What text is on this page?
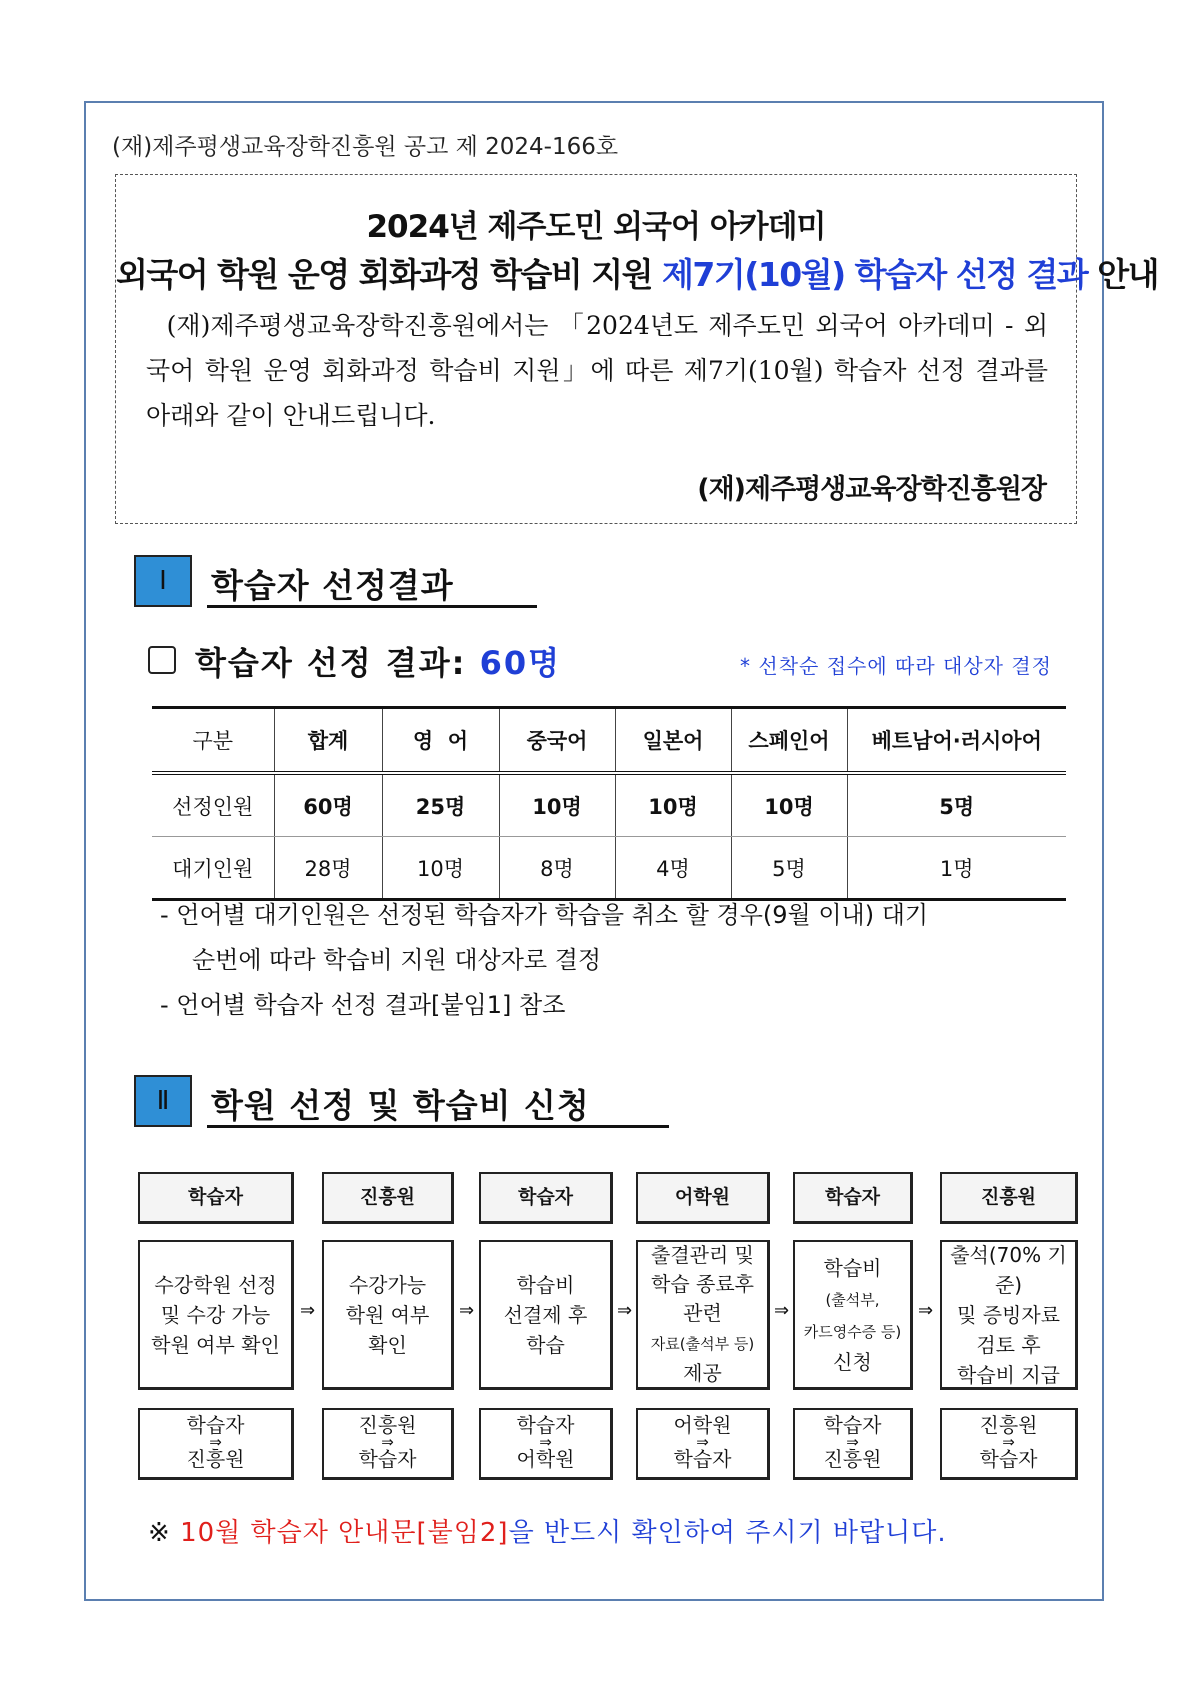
(재)제주평생교육장학진흥원 공고 제 2024-166호
2024년 제주도민 외국어 아카데미
외국어 학원 운영 회화과정 학습비 지원 제7기(10월) 학습자 선정 결과 안내
(재)제주평생교육장학진흥원에서는 「2024년도 제주도민 외국어 아카데미 - 외국어 학원 운영 회화과정 학습비 지원」에 따른 제7기(10월) 학습자 선정 결과를 아래와 같이 안내드립니다.
(재)제주평생교육장학진흥원장
Ⅰ	학습자 선정결과
학습자 선정 결과: 60명	* 선착순 접수에 따라 대상자 결정
구분	합계	영  어	중국어	일본어	스페인어	베트남어·러시아어
선정인원	60명	25명	10명	10명	10명	5명
대기인원	28명	10명	8명	4명	5명	1명
- 언어별 대기인원은 선정된 학습자가 학습을 취소 할 경우(9월 이내) 대기
순번에 따라 학습비 지원 대상자로 결정
- 언어별 학습자 선정 결과[붙임1] 참조
Ⅱ	학원 선정 및 학습비 신청
학습자
수강학원 선정
및 수강 가능
학원 여부 확인
학습자
⇒
진흥원
⇒
진흥원
수강가능
학원 여부
확인
진흥원
⇒
학습자
⇒
학습자
학습비
선결제 후
학습
학습자
⇒
어학원
⇒
어학원
출결관리 및
학습 종료후
관련
자료(출석부 등)
제공
어학원
⇒
학습자
⇒
학습자
학습비
(출석부,
카드영수증 등)
신청
학습자
⇒
진흥원
⇒
진흥원
출석(70% 기준)
및 증빙자료
검토 후
학습비 지급
진흥원
⇒
학습자
※ 10월 학습자 안내문[붙임2]을 반드시 확인하여 주시기 바랍니다.
